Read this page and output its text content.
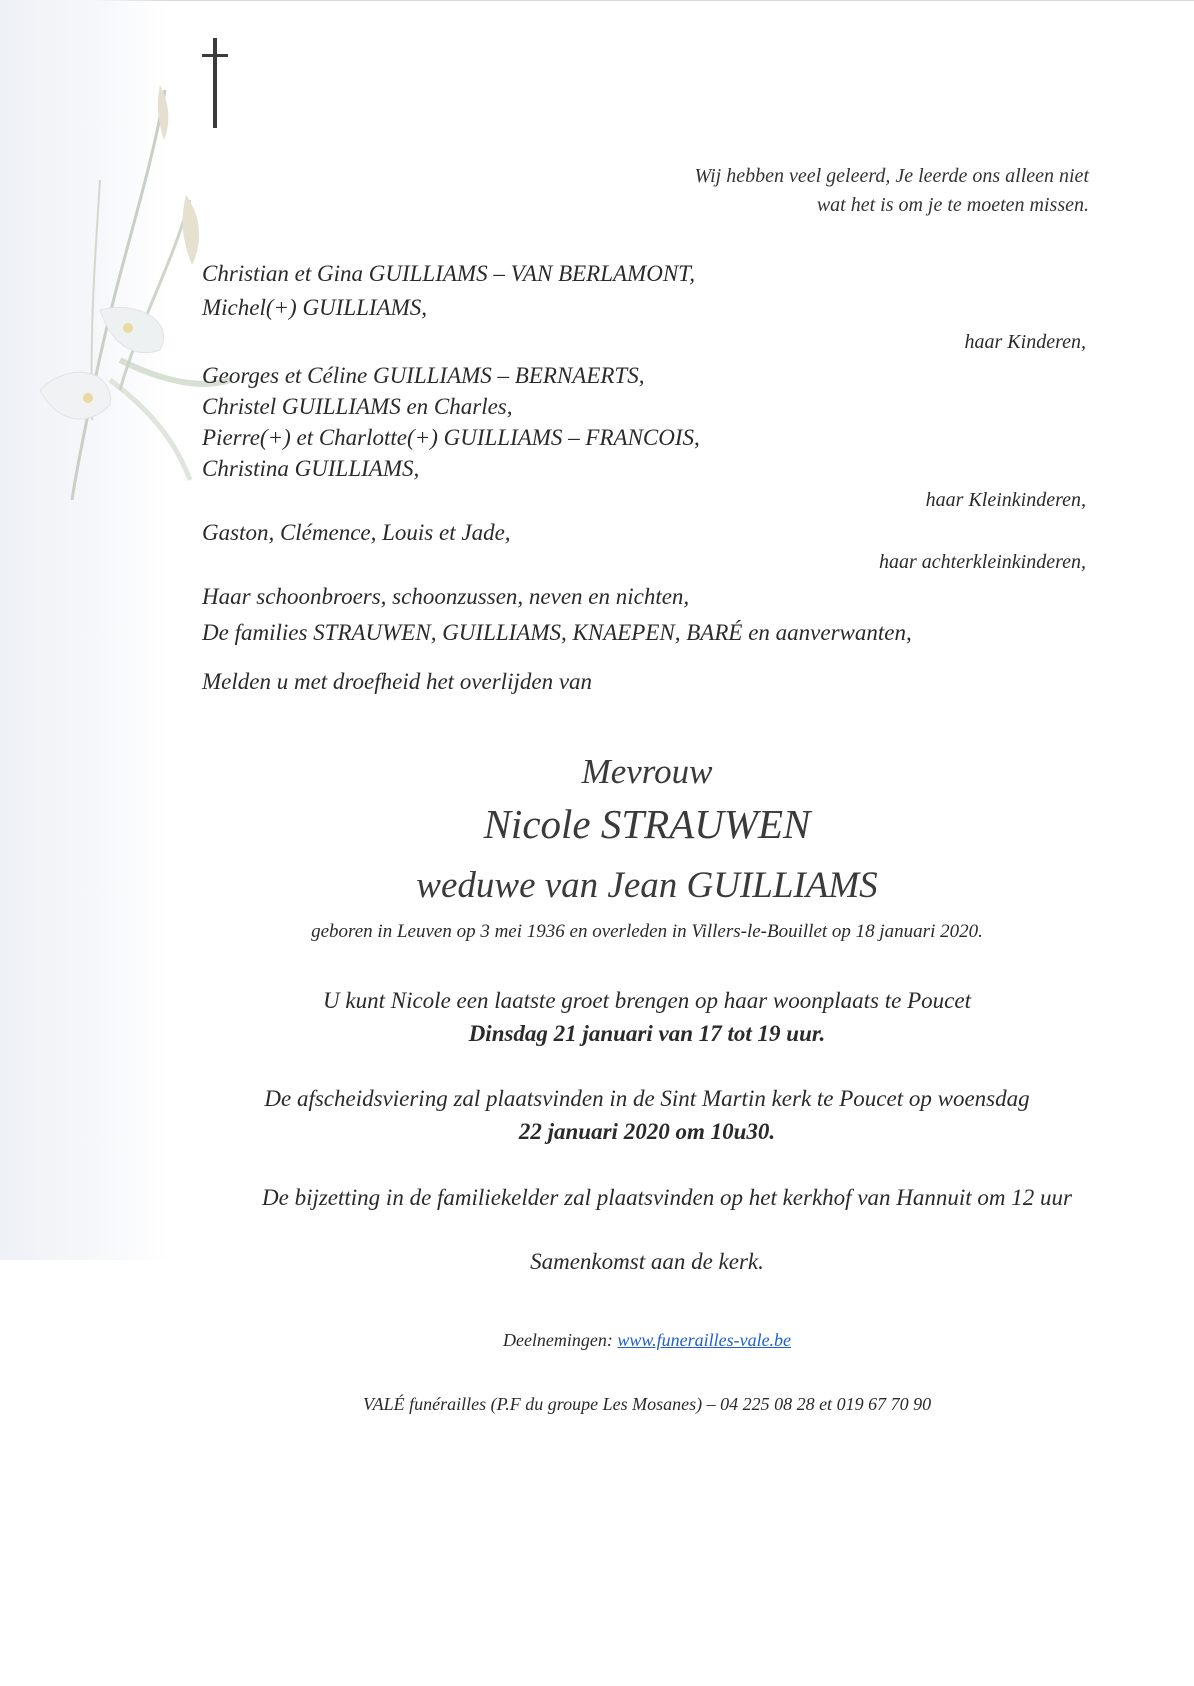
Wij hebben veel geleerd, Je leerde ons alleen niet
wat het is om je te moeten missen.
Christian et Gina GUILLIAMS – VAN BERLAMONT,
Michel(+) GUILLIAMS,
haar Kinderen,
Georges et Céline GUILLIAMS – BERNAERTS,
Christel GUILLIAMS en Charles,
Pierre(+) et Charlotte(+) GUILLIAMS – FRANCOIS,
Christina GUILLIAMS,
haar Kleinkinderen,
Gaston, Clémence, Louis et Jade,
haar achterkleinkinderen,
Haar schoonbroers, schoonzussen, neven en nichten,
De families STRAUWEN, GUILLIAMS, KNAEPEN, BARÉ en aanverwanten,
Melden u met droefheid het overlijden van
Mevrouw
Nicole STRAUWEN
weduwe van Jean GUILLIAMS
geboren in Leuven op 3 mei 1936 en overleden in Villers-le-Bouillet op 18 januari 2020.
U kunt Nicole een laatste groet brengen op haar woonplaats te Poucet
Dinsdag 21 januari van 17 tot 19 uur.
De afscheidsviering zal plaatsvinden in de Sint Martin kerk te Poucet op woensdag
22 januari 2020 om 10u30.
De bijzetting in de familiekelder zal plaatsvinden op het kerkhof van Hannuit om 12 uur
Samenkomst aan de kerk.
Deelnemingen: www.funerailles-vale.be
VALÉ funérailles (P.F du groupe Les Mosanes) – 04 225 08 28 et 019 67 70 90
